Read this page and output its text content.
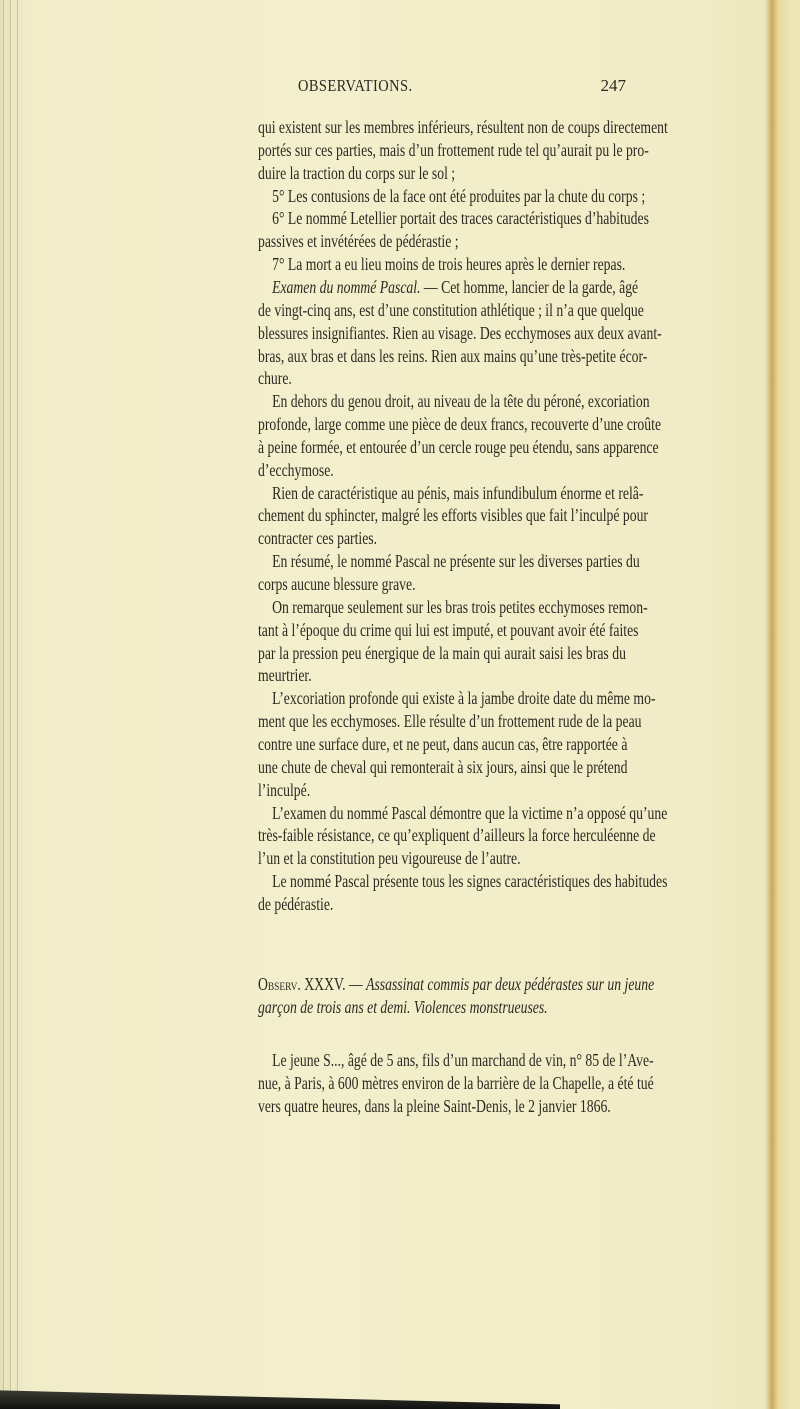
OBSERVATIONS.	247
qui existent sur les membres inférieurs, résultent non de coups directement
portés sur ces parties, mais d’un frottement rude tel qu’aurait pu le pro-
duire la traction du corps sur le sol ;
5° Les contusions de la face ont été produites par la chute du corps ;
6° Le nommé Letellier portait des traces caractéristiques d’habitudes
passives et invétérées de pédérastie ;
7° La mort a eu lieu moins de trois heures après le dernier repas.
Examen du nommé Pascal. — Cet homme, lancier de la garde, âgé
de vingt-cinq ans, est d’une constitution athlétique ; il n’a que quelque
blessures insignifiantes. Rien au visage. Des ecchymoses aux deux avant-
bras, aux bras et dans les reins. Rien aux mains qu’une très-petite écor-
chure.
En dehors du genou droit, au niveau de la tête du péroné, excoriation
profonde, large comme une pièce de deux francs, recouverte d’une croûte
à peine formée, et entourée d’un cercle rouge peu étendu, sans apparence
d’ecchymose.
Rien de caractéristique au pénis, mais infundibulum énorme et relâ-
chement du sphincter, malgré les efforts visibles que fait l’inculpé pour
contracter ces parties.
En résumé, le nommé Pascal ne présente sur les diverses parties du
corps aucune blessure grave.
On remarque seulement sur les bras trois petites ecchymoses remon-
tant à l’époque du crime qui lui est imputé, et pouvant avoir été faites
par la pression peu énergique de la main qui aurait saisi les bras du
meurtrier.
L’excoriation profonde qui existe à la jambe droite date du même mo-
ment que les ecchymoses. Elle résulte d’un frottement rude de la peau
contre une surface dure, et ne peut, dans aucun cas, être rapportée à
une chute de cheval qui remonterait à six jours, ainsi que le prétend
l’inculpé.
L’examen du nommé Pascal démontre que la victime n’a opposé qu’une
très-faible résistance, ce qu’expliquent d’ailleurs la force herculéenne de
l’un et la constitution peu vigoureuse de l’autre.
Le nommé Pascal présente tous les signes caractéristiques des habitudes
de pédérastie.
Observ. XXXV. — Assassinat commis par deux pédérastes sur un jeune
garçon de trois ans et demi. Violences monstrueuses.
Le jeune S..., âgé de 5 ans, fils d’un marchand de vin, n° 85 de l’Ave-
nue, à Paris, à 600 mètres environ de la barrière de la Chapelle, a été tué
vers quatre heures, dans la pleine Saint-Denis, le 2 janvier 1866.
